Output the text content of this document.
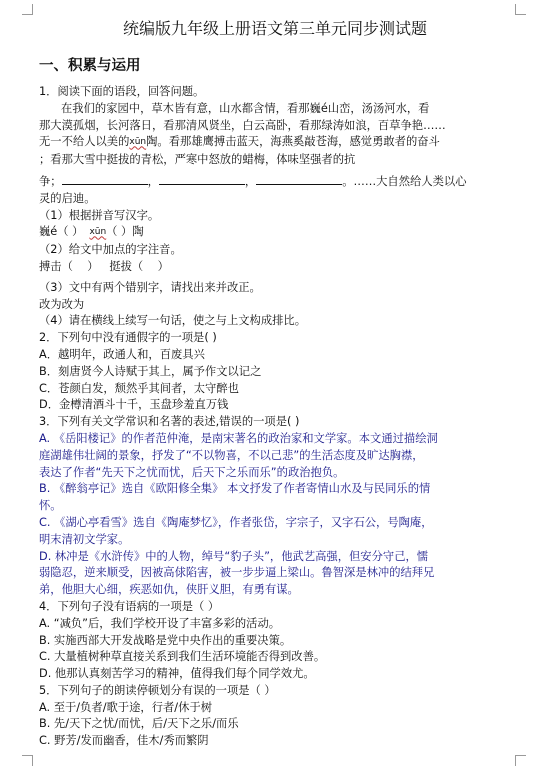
统编版九年级上册语文第三单元同步测试题
一、积累与运用
1．阅读下面的语段，回答问题。
在我们的家园中，草木皆有意，山水都含情，看那巍é山峦，汤汤河水，看
那大漠孤烟，长河落日，看那清风贤坐，白云高卧，看那绿涛如浪，百草争艳……
无一不给人以美的xūn陶。看那雄鹰搏击蓝天，海燕奚敲苍海，感觉勇敢者的奋斗
；看那大雪中挺拔的青松，严寒中怒放的蜡梅，体味坚强者的抗
争；	，	，	。……大自然给人类以心
灵的启迪。
（1）根据拼音写汉字。
巍é（ ） xūn（ ）陶
（2）给文中加点的字注音。
搏击（    ）   挺拔（    ）
（3）文中有两个错别字，请找出来并改正。
改为改为
（4）请在横线上续写一句话，使之与上文构成排比。
2．下列句中没有通假字的一项是( )
A．越明年，政通人和，百废具兴
B．刻唐贤今人诗赋于其上，属予作文以记之
C．苍颜白发，颓然乎其间者，太守醉也
D．金樽清酒斗十千，玉盘珍羞直万钱
3．下列有关文学常识和名著的表述,错误的一项是( )
A. 《岳阳楼记》的作者范仲淹，是南宋著名的政治家和文学家。本文通过描绘洞
庭湖雄伟壮阔的景象，抒发了“不以物喜，不以己悲”的生活态度及旷达胸襟，
表达了作者“先天下之忧而忧，后天下之乐而乐”的政治抱负。
B. 《醉翁亭记》选自《欧阳修全集》 本文抒发了作者寄情山水及与民同乐的情
怀。
C. 《湖心亭看雪》选自《陶庵梦忆》，作者张岱，字宗子，又字石公，号陶庵，
明末清初文学家。
D. 林冲是《水浒传》中的人物，绰号“豹子头”，他武艺高强，但安分守己，懦
弱隐忍，逆来顺受，因被高俅陷害，被一步步逼上梁山。鲁智深是林冲的结拜兄
弟，他胆大心细，疾恶如仇，侠肝义胆，有勇有谋。
4．下列句子没有语病的一项是（ ）
A. “减负”后，我们学校开设了丰富多彩的活动。
B. 实施西部大开发战略是党中央作出的重要决策。
C. 大量植树种草直接关系到我们生活环境能否得到改善。
D. 他那认真刻苦学习的精神，值得我们每个同学效尤。
5．下列句子的朗读停顿划分有误的一项是（ ）
A. 至于/负者/歌于途，行者/休于树
B. 先/天下之忧/而忧，后/天下之乐/而乐
C. 野芳/发而幽香，佳木/秀而繁阴
